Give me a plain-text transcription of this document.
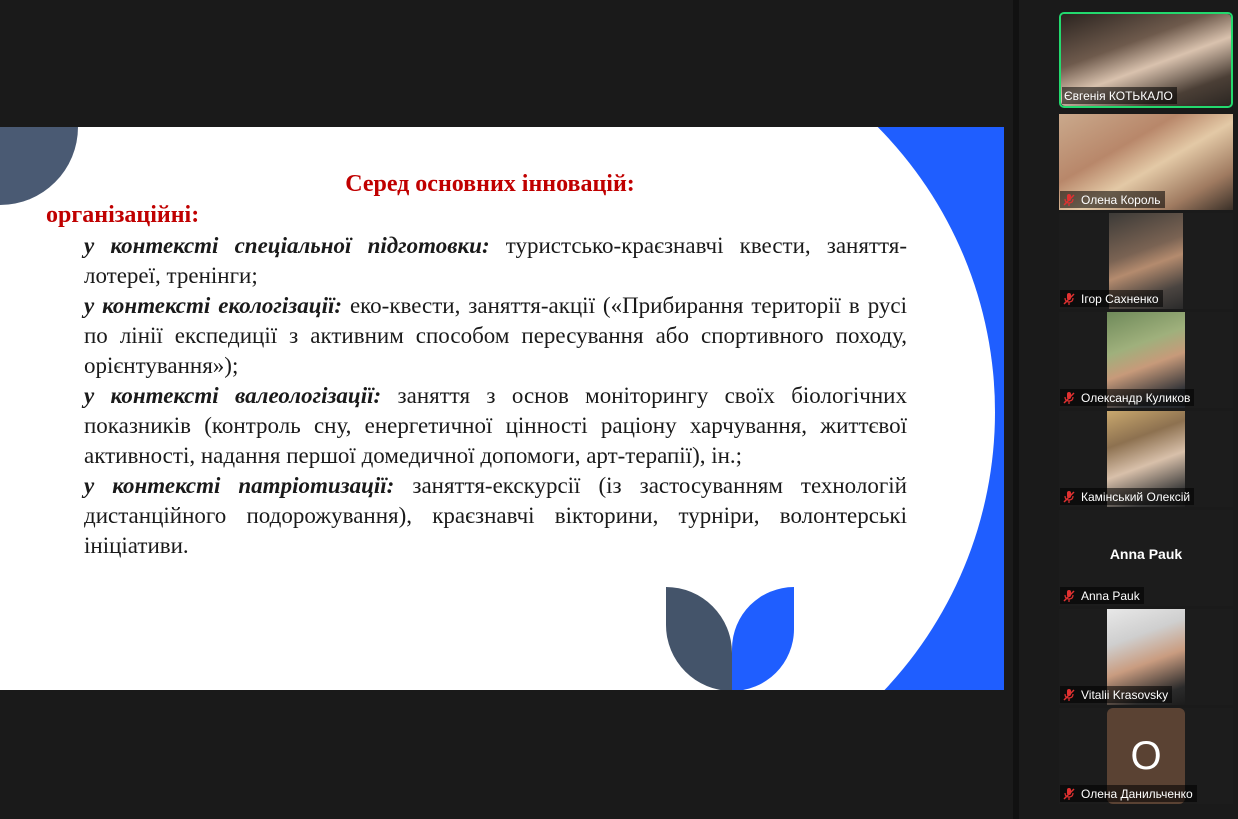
Серед основних інновацій:
організаційні:
у контексті спеціальної підготовки: туристсько-краєзнавчі квести, заняття-лотереї, тренінги;
у контексті екологізації: еко-квести, заняття-акції («Прибирання території в русі по лінії експедиції з активним способом пересування або спортивного походу, орієнтування»);
у контексті валеологізації: заняття з основ моніторингу своїх біологічних показників (контроль сну, енергетичної цінності раціону харчування, життєвої активності, надання першої домедичної допомоги, арт-терапії), ін.;
у контексті патріотизації: заняття-екскурсії (із застосуванням технологій дистанційного подорожування), краєзнавчі вікторини, турніри, волонтерські ініціативи.
Євгенія КОТЬКАЛО
Олена Король
Ігор Сахненко
Олександр Куликов
Камінський Олексій
Anna Pauk
Anna Pauk
Vitalii Krasovsky
О
Олена Данильченко
